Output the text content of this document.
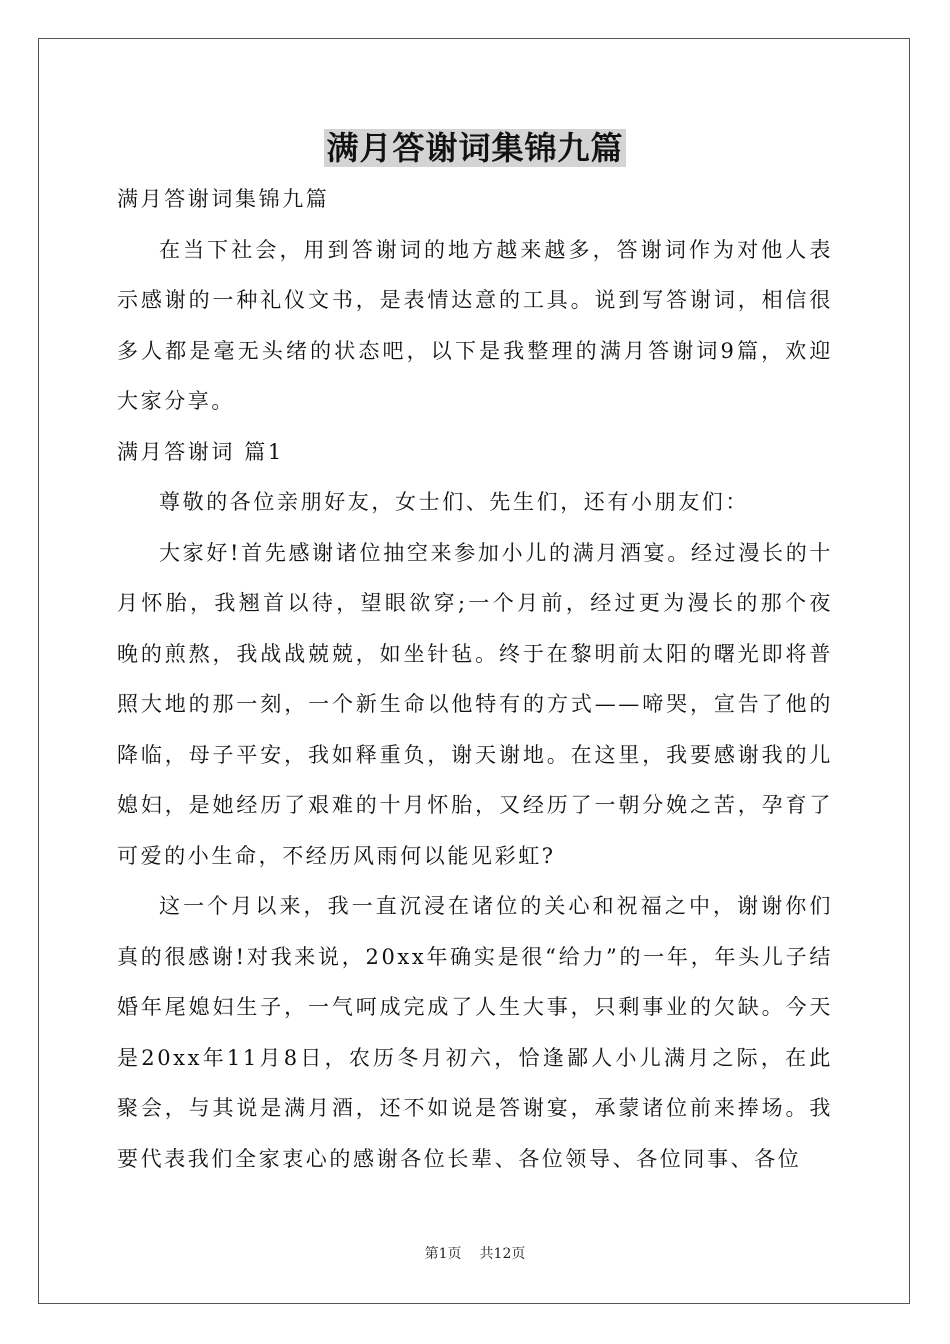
满月答谢词集锦九篇

满月答谢词集锦九篇

在当下社会，用到答谢词的地方越来越多，答谢词作为对他人表示感谢的一种礼仪文书，是表情达意的工具。说到写答谢词，相信很多人都是毫无头绪的状态吧，以下是我整理的满月答谢词9篇，欢迎大家分享。

满月答谢词 篇1

尊敬的各位亲朋好友，女士们、先生们，还有小朋友们：

大家好!首先感谢诸位抽空来参加小儿的满月酒宴。经过漫长的十月怀胎，我翘首以待，望眼欲穿;一个月前，经过更为漫长的那个夜晚的煎熬，我战战兢兢，如坐针毡。终于在黎明前太阳的曙光即将普照大地的那一刻，一个新生命以他特有的方式——啼哭，宣告了他的降临，母子平安，我如释重负，谢天谢地。在这里，我要感谢我的儿媳妇，是她经历了艰难的十月怀胎，又经历了一朝分娩之苦，孕育了可爱的小生命，不经历风雨何以能见彩虹?

这一个月以来，我一直沉浸在诸位的关心和祝福之中，谢谢你们真的很感谢!对我来说，20xx年确实是很“给力”的一年，年头儿子结婚年尾媳妇生子，一气呵成完成了人生大事，只剩事业的欠缺。今天是20xx年11月8日，农历冬月初六，恰逢鄙人小儿满月之际，在此聚会，与其说是满月酒，还不如说是答谢宴，承蒙诸位前来捧场。我要代表我们全家衷心的感谢各位长辈、各位领导、各位同事、各位

第1页 共12页
